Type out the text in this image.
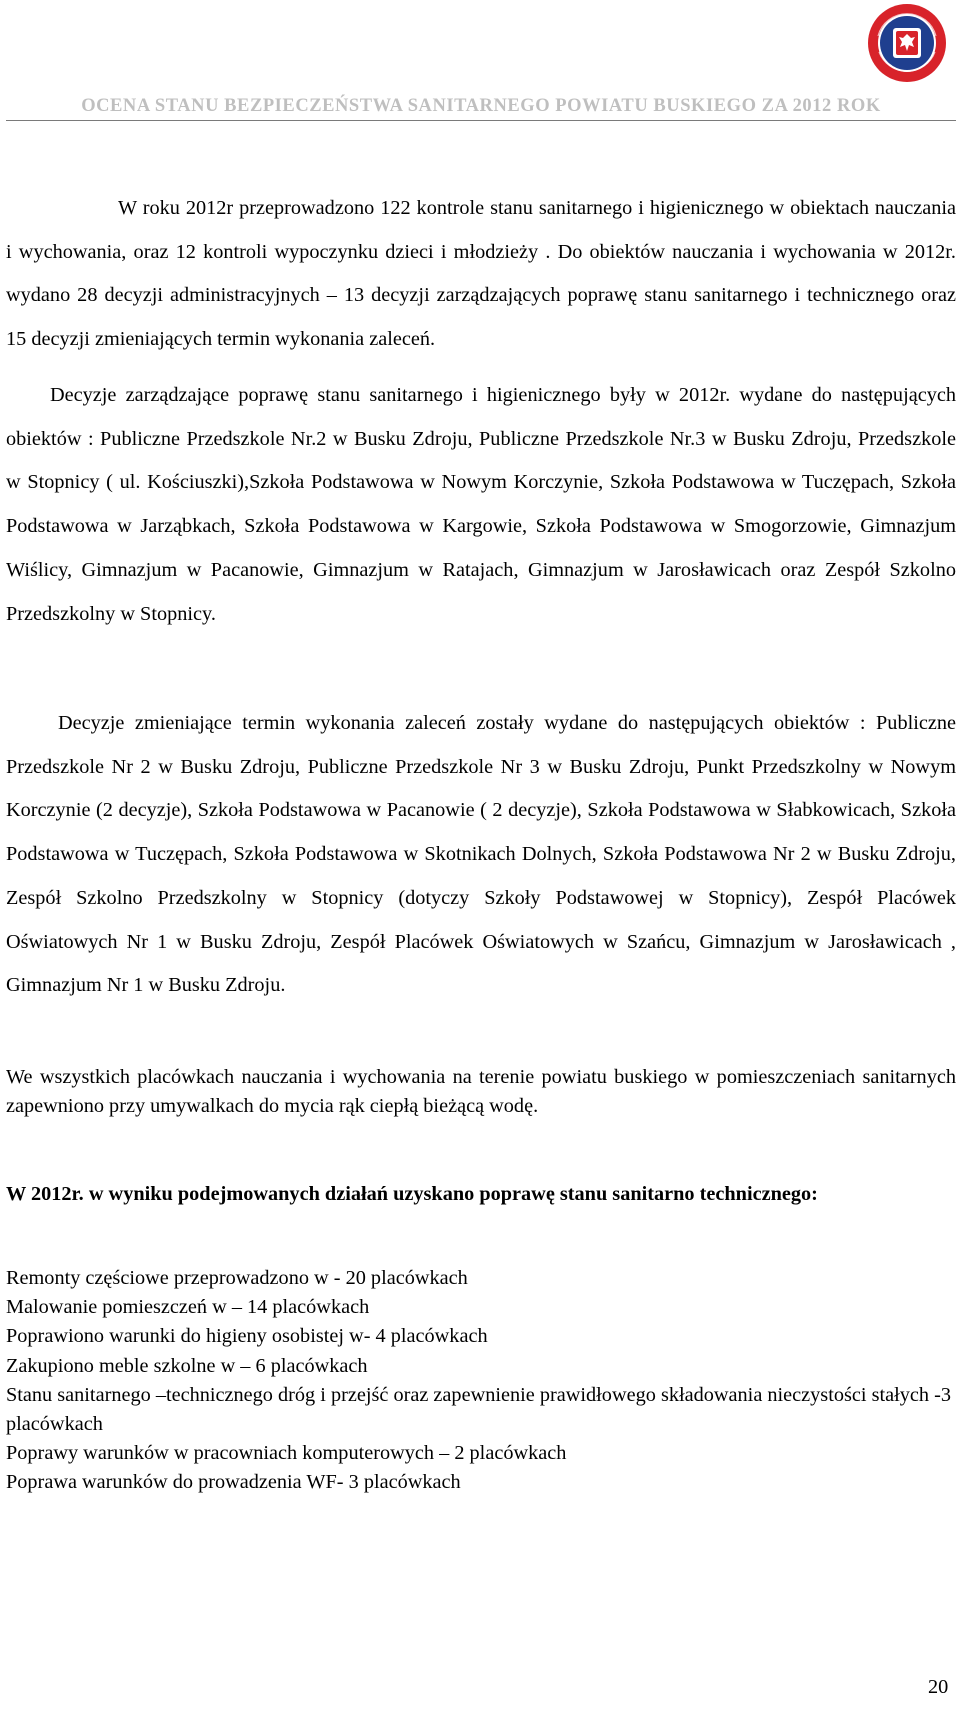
OCENA STANU BEZPIECZEŃSTWA SANITARNEGO POWIATU BUSKIEGO ZA 2012 ROK

W roku 2012r przeprowadzono 122 kontrole stanu sanitarnego i higienicznego w obiektach nauczania i wychowania, oraz 12 kontroli wypoczynku dzieci i młodzieży . Do obiektów nauczania i wychowania w 2012r. wydano 28 decyzji administracyjnych – 13 decyzji zarządzających poprawę stanu sanitarnego i technicznego oraz 15 decyzji zmieniających termin wykonania zaleceń.

Decyzje zarządzające poprawę stanu sanitarnego i higienicznego były w 2012r. wydane do następujących obiektów : Publiczne Przedszkole Nr.2 w Busku Zdroju, Publiczne Przedszkole Nr.3 w Busku Zdroju, Przedszkole w Stopnicy ( ul. Kościuszki),Szkoła Podstawowa w Nowym Korczynie, Szkoła Podstawowa w Tuczępach, Szkoła Podstawowa w Jarząbkach, Szkoła Podstawowa w Kargowie, Szkoła Podstawowa w Smogorzowie, Gimnazjum Wiślicy, Gimnazjum w Pacanowie, Gimnazjum w Ratajach, Gimnazjum w Jarosławicach oraz Zespół Szkolno Przedszkolny w Stopnicy.

Decyzje zmieniające termin wykonania zaleceń zostały wydane do następujących obiektów : Publiczne Przedszkole Nr 2 w Busku Zdroju, Publiczne Przedszkole Nr 3 w Busku Zdroju, Punkt Przedszkolny w Nowym Korczynie (2 decyzje), Szkoła Podstawowa w Pacanowie ( 2 decyzje), Szkoła Podstawowa w Słabkowicach, Szkoła Podstawowa w Tuczępach, Szkoła Podstawowa w Skotnikach Dolnych, Szkoła Podstawowa Nr 2 w Busku Zdroju, Zespół Szkolno Przedszkolny w Stopnicy (dotyczy Szkoły Podstawowej w Stopnicy), Zespół Placówek Oświatowych Nr 1 w Busku Zdroju, Zespół Placówek Oświatowych w Szańcu, Gimnazjum w Jarosławicach , Gimnazjum Nr 1 w Busku Zdroju.

We wszystkich placówkach nauczania i wychowania na terenie powiatu buskiego w pomieszczeniach sanitarnych zapewniono przy umywalkach do mycia rąk ciepłą bieżącą wodę.

W 2012r. w wyniku podejmowanych działań uzyskano poprawę stanu sanitarno technicznego:

Remonty częściowe przeprowadzono w - 20 placówkach
Malowanie pomieszczeń w – 14 placówkach
Poprawiono warunki do higieny osobistej w- 4 placówkach
Zakupiono meble szkolne w – 6 placówkach
Stanu sanitarnego –technicznego dróg i przejść oraz zapewnienie prawidłowego składowania nieczystości stałych -3 placówkach
Poprawy warunków w pracowniach komputerowych – 2 placówkach
Poprawa warunków do prowadzenia WF- 3 placówkach
20
